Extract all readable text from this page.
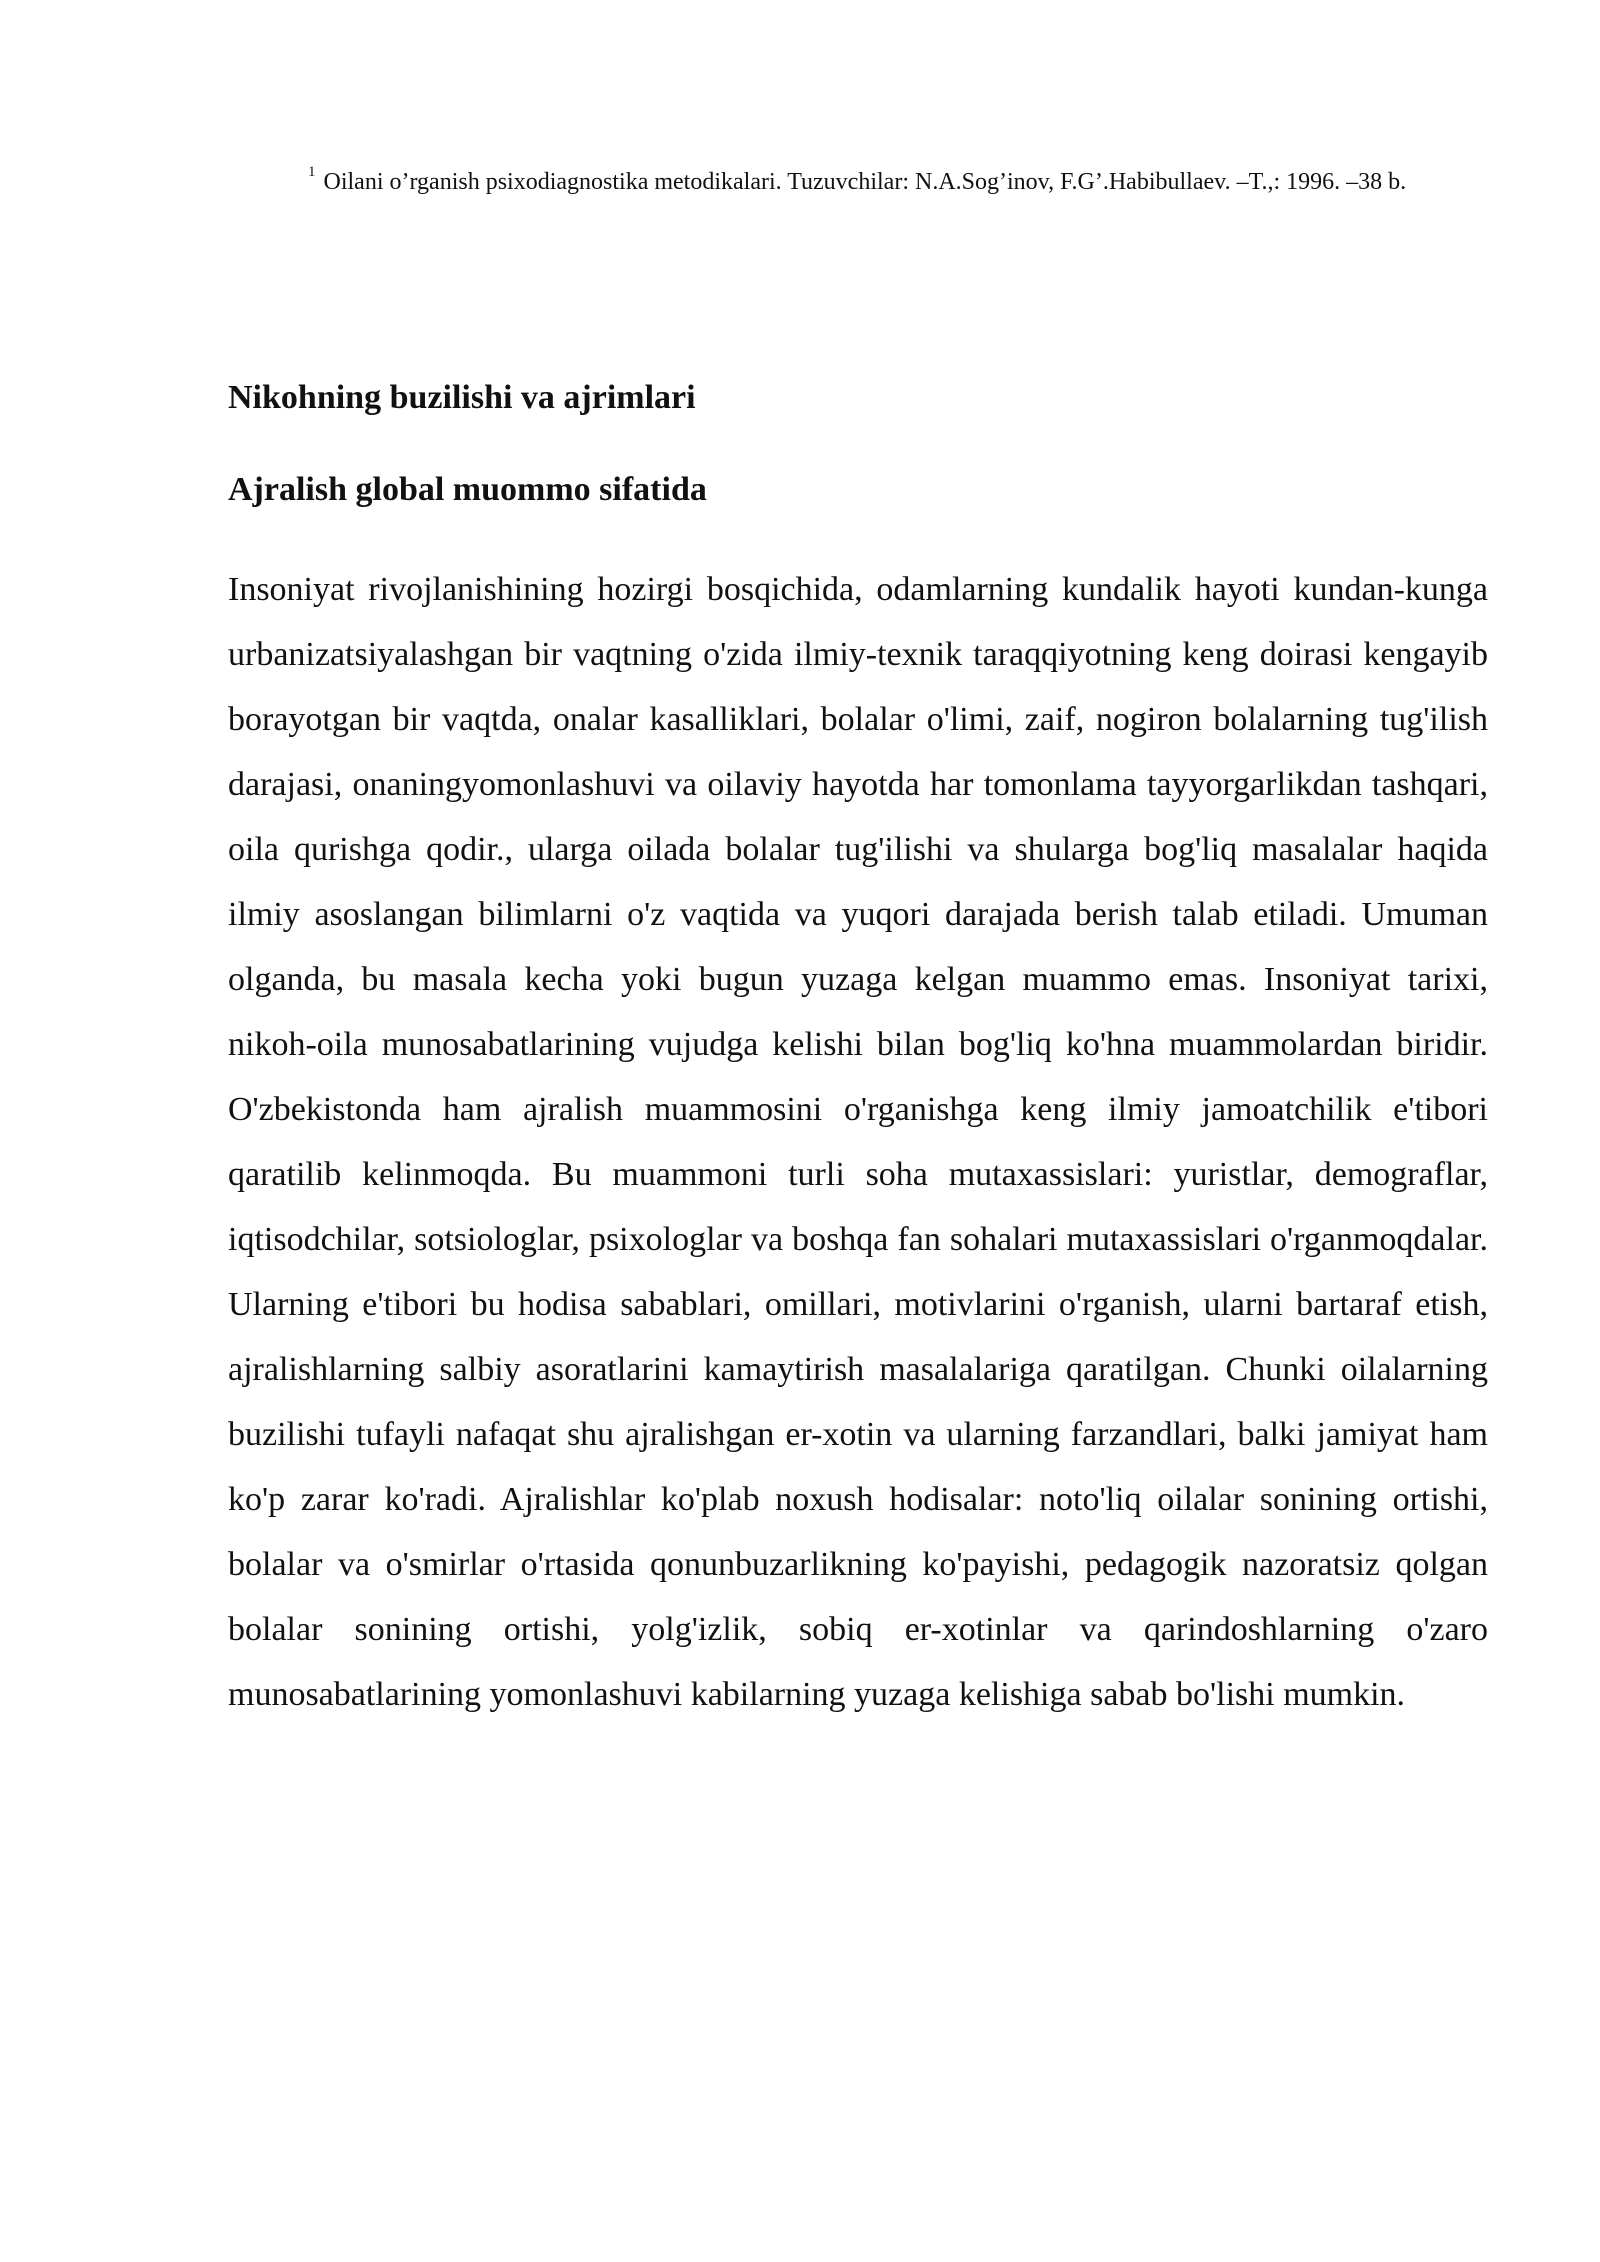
$^1$ Oilani o’rganish psixodiagnostika metodikalari. Tuzuvchilar: N.A.Sog’inov, F.G’.Habibullaev. –T.,: 1996. –38 b.
Nikohning buzilishi va ajrimlari
Ajralish global muommo sifatida

Insoniyat rivojlanishining hozirgi bosqichida, odamlarning kundalik hayoti kundan-kunga urbanizatsiyalashgan bir vaqtning o'zida ilmiy-texnik taraqqiyotning keng doirasi kengayib borayotgan bir vaqtda, onalar kasalliklari, bolalar o'limi, zaif, nogiron bolalarning tug'ilish darajasi, onaningyomonlashuvi va oilaviy hayotda har tomonlama tayyorgarlikdan tashqari, oila qurishga qodir., ularga oilada bolalar tug'ilishi va shularga bog'liq masalalar haqida ilmiy asoslangan bilimlarni o'z vaqtida va yuqori darajada berish talab etiladi. Umuman olganda, bu masala kecha yoki bugun yuzaga kelgan muammo emas. Insoniyat tarixi, nikoh-oila munosabatlarining vujudga kelishi bilan bog'liq ko'hna muammolardan biridir. O'zbekistonda ham ajralish muammosini o'rganishga keng ilmiy jamoatchilik e'tibori qaratilib kelinmoqda. Bu muammoni turli soha mutaxassislari: yuristlar, demograflar, iqtisodchilar, sotsiologlar, psixologlar va boshqa fan sohalari mutaxassislari o'rganmoqdalar. Ularning e'tibori bu hodisa sabablari, omillari, motivlarini o'rganish, ularni bartaraf etish, ajralishlarning salbiy asoratlarini kamaytirish masalalariga qaratilgan. Chunki oilalarning buzilishi tufayli nafaqat shu ajralishgan er-xotin va ularning farzandlari, balki jamiyat ham ko'p zarar ko'radi. Ajralishlar ko'plab noxush hodisalar: noto'liq oilalar sonining ortishi, bolalar va o'smirlar o'rtasida qonunbuzarlikning ko'payishi, pedagogik nazoratsiz qolgan bolalar sonining ortishi, yolg'izlik, sobiq er-xotinlar va qarindoshlarning o'zaro munosabatlarining yomonlashuvi kabilarning yuzaga kelishiga sabab bo'lishi mumkin.
